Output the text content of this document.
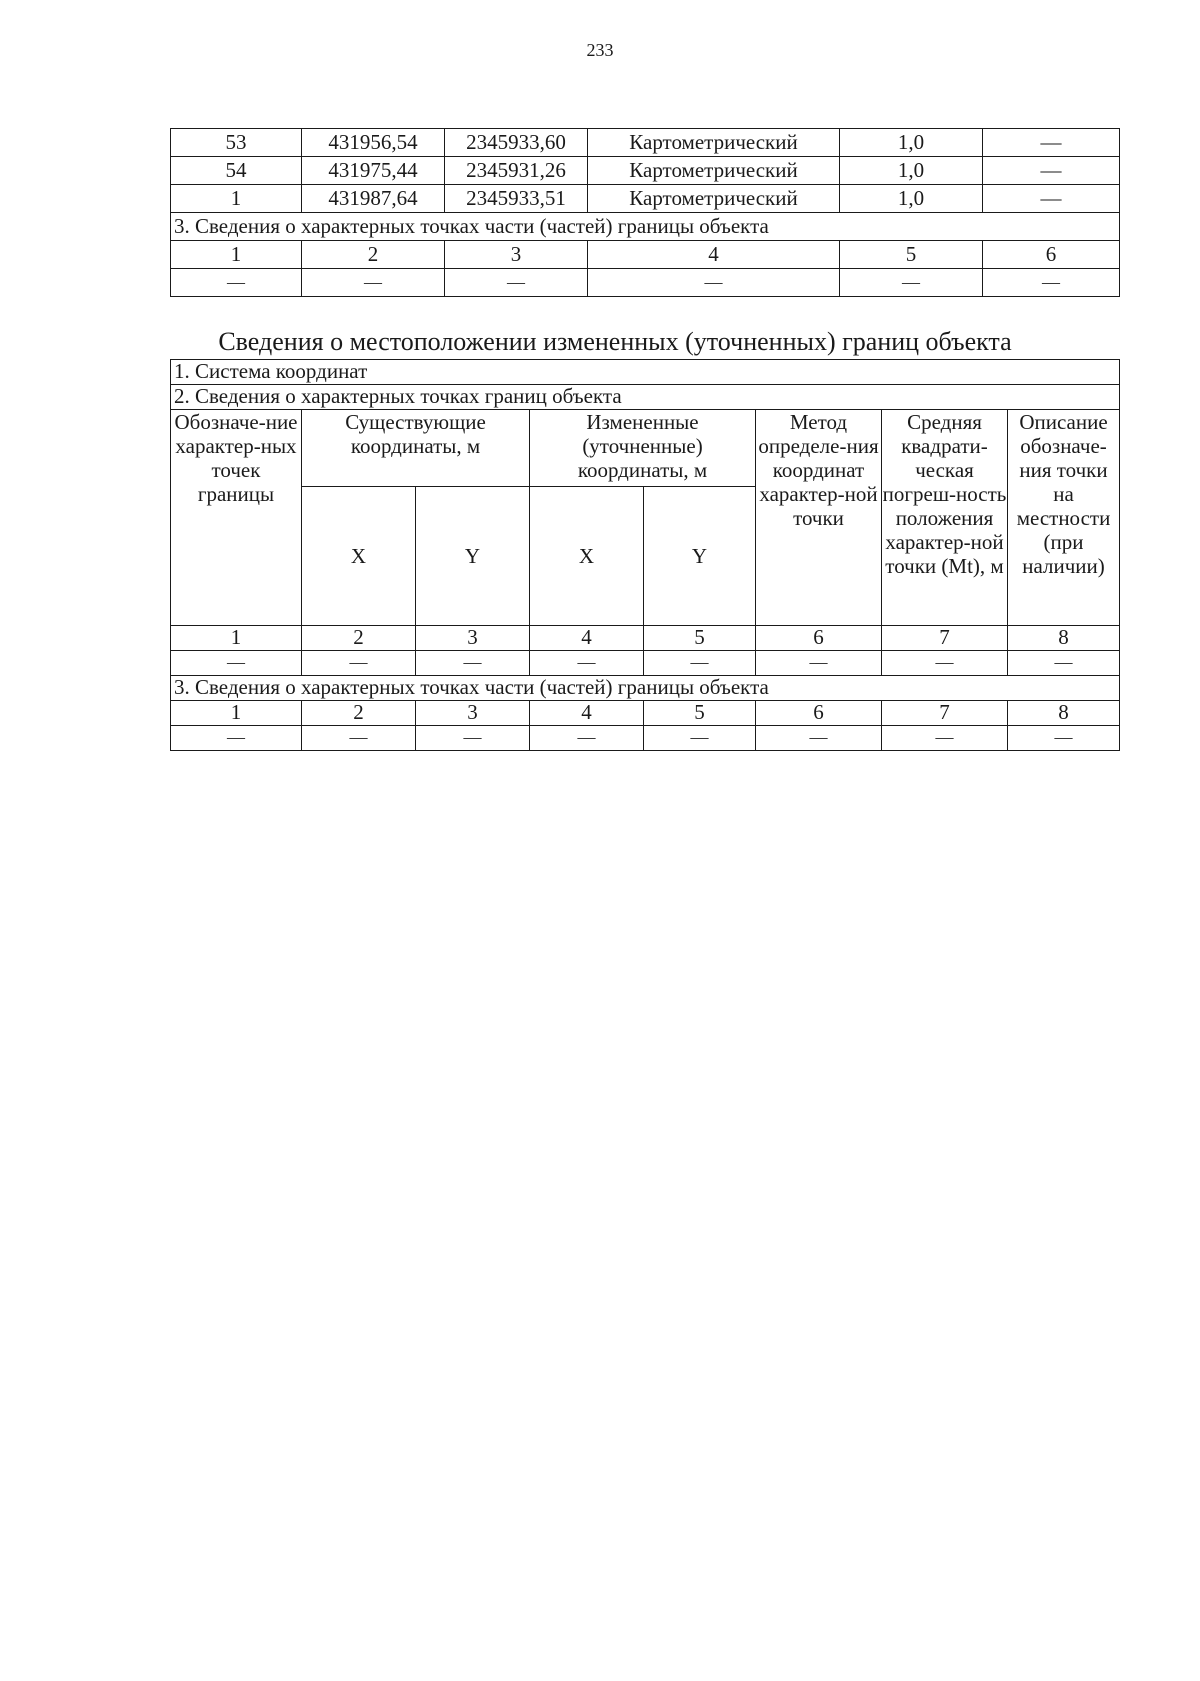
233
53	431956,54	2345933,60	Картометрический	1,0	—
54	431975,44	2345931,26	Картометрический	1,0	—
1	431987,64	2345933,51	Картометрический	1,0	—
3. Сведения о характерных точках части (частей) границы объекта					
1	2	3	4	5	6
—	—	—	—	—	—
Сведения о местоположении измененных (уточненных) границ объекта
1. Система координат							
2. Сведения о характерных точках границ объекта							
Обозначе-ние характер-ных точек границы	Существующие координаты, м		Измененные (уточненные) координаты, м		Метод определе-ния координат характер-ной точки	Средняя квадрати-ческая погреш-ность положения характер-ной точки (Mt), м	Описание обозначе-ния точки на местности (при наличии)
	X	Y	X	Y			
1	2	3	4	5	6	7	8
—	—	—	—	—	—	—	—
3. Сведения о характерных точках части (частей) границы объекта							
1	2	3	4	5	6	7	8
—	—	—	—	—	—	—	—
